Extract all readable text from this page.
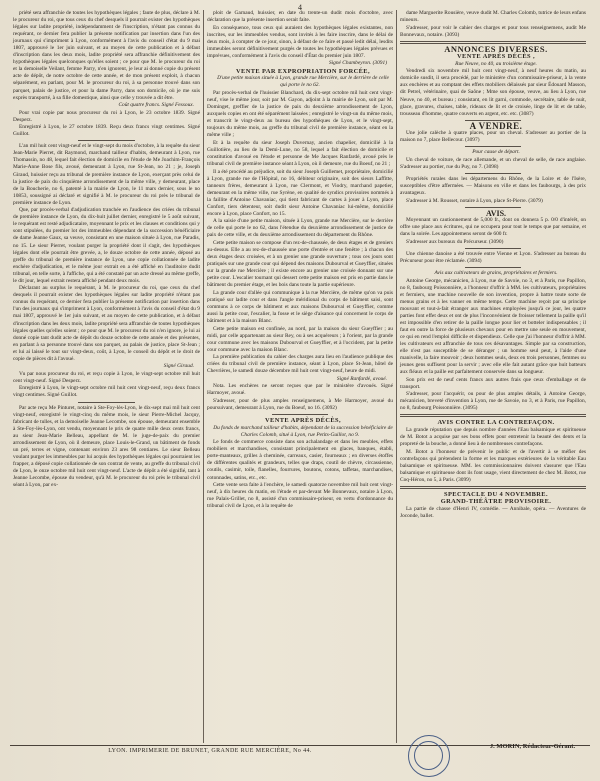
4

priété sera affranchie de toutes les hypothèques légales ; faute de plus, déclare à M. le procureur du roi, que tous ceux du chef desquels il pourrait exister des hypothèques légales sur ladite propriété, indépendamment de l'inscription, n'étant pas connus du requérant, ce dernier fera publier la présente notification par insertion dans l'un des journaux qui s'impriment à Lyon, conformément à l'avis du conseil d'état du 9 mai 1807, approuvé le 1er juin suivant, et au moyen de cette publication et à défaut d'inscription dans les deux mois, ladite propriété sera affranchie définitivement des hypothèques légales quelconques qu'elles soient ; ce pour que M. le procureur du roi et la demoiselle Veilant, femme Parry, n'en ignorent, je leur ai donné copie du présent acte de dépôt, de notre octobre de cette année, et de mon présent exploit, à chacun séparément, en parlant, pour M. le procureur du roi, à sa personne trouvé dans son parquet, palais de justice, et pour la dame Parry, dans son domicile, où je me suis exprès transporté, à sa fille domestique, ainsi que celle y trouvée a dit être.

Coût quatre francs. Signé Fessoux.

Pour vrai copie par nous procureur du roi à Lyon, le 23 octobre 1839. Signé Desperz.

Enregistré à Lyon, le 27 octobre 1839. Reçu deux francs vingt centimes. Signé Guillot.

L'an mil huit cent vingt-neuf et le vingt-sept du mois d'octobre, à la requête du sieur Jean-Marie Pierret, dit Raymond, marchand tailleur d'habits, demeurant à Lyon, rue Thomassin, no 48, lequel fait élection de domicile en l'étude de Me Joachim-François Marie-Anne Bose fils, avoué, demeurant à Lyon, rue St-Jean, no 21 ; je, Joseph Giraud, huissier reçu au tribunal de première instance de Lyon, exerçant près celui de la justice de paix du cinquième arrondissement de la même ville, y demeurant, place de la Boucherie, no 6, patenté à la mairie de Lyon, le 11 mars dernier, sous le no 10853, soussigné ai déclaré et signifié à M. le procureur du roi près le tribunal de première instance de Lyon.

Que, par procès-verbal d'adjudication tranchée en l'audience des criées du tribunal de première instance de Lyon, du dix-huit juillet dernier, enregistré le 5 août suivant, le requérant est resté adjudicataire, moyennant le prix et les clauses et conditions qui y sont stipulées, du premier lot des immeubles dépendant de la succession bénéficiaire de dame Jeanne Gaux, sa veuve, consistant en une maison située à Lyon, rue Paradis, no 15. Le sieur Pierret, voulant purger la propriété dont il s'agit, des hypothèques légales dont elle pourrait être grevée, a, le douze octobre de cette année, déposé au greffe du tribunal de première instance de Lyon, une copie collationnée de ladite enchère d'adjudication, et le même jour extrait en a été affiché en l'auditoire dudit tribunal, en telle sorte, à l'affiche, qui a été constaté par un acte dressé au même greffe, le dit jour, lequel extrait restera affiché pendant deux mois.

Déclarant au surplus le requérant, à M. le procureur du roi, que ceux du chef desquels il pourrait exister des hypothèques légales sur ladite propriété n'étant pas connus du requérant, ce dernier fera publier la présente notification par insertion dans l'un des journaux qui s'impriment à Lyon, conformément à l'avis du conseil d'état du 9 mai 1807, approuvé le 1er juin suivant, et au moyen de cette publication, et à défaut d'inscription dans les deux mois, ladite propriété sera affranchie de toutes hypothèques légales quelles qu'elles soient ; ce pour que M. le procureur du roi n'en ignore, je lui ai donné copie tant dudit acte de dépôt du douze octobre de cette année et des présentes, en parlant à sa personne trouvé dans son parquet, au palais de justice, place St-Jean ; et lui ai laissé le tout sur vingt-deux, coût, à Lyon, le conseil du dépôt et le droit de copie de pièces dit à l'avoué.

Signé Giraud.

Vu par nous procureur du roi, et reçu copie à Lyon, le vingt-sept octobre mil huit cent vingt-neuf. Signé Desperz.

Enregistré à Lyon, le vingt-sept octobre mil huit cent vingt-neuf, reçu deux francs vingt centimes. Signé Guillot.

Par acte reçu Me Pinturet, notaire à Ste-Foy-lès-Lyon, le dix-sept mai mil huit cent vingt-neuf, enregistré le vingt-cinq du même mois, le sieur Pierre-Michel Jacquy, fabricant de tulles, et la demoiselle Jeanne Lecombe, son épouse, demeurant ensemble à Ste-Foy-lès-Lyon, ont vendu, moyennant le prix de quatre mille deux cents francs, au sieur Jean-Marie Belleau, appellant de M. le juge-de-paix du premier arrondissement de Lyon, où il demeure, place Louis-le-Grand, un bâtiment de fonds un pré, terres et vigne, contenant environ 23 ares 98 centiares. Le sieur Belleau voulant purger les immeubles par lui acquis des hypothèques légales qui pourraient les frapper, a déposé copie collationnée de son contrat de vente, au greffe du tribunal civil de Lyon, le onze octobre mil huit cent vingt-neuf. L'acte de dépôt a été signifié, tant à Jeanne Lecombe, épouse du vendeur, qu'à M. le procureur du roi près le tribunal civil séant à Lyon, par ex-

ploit de Garnaud, huissier, en date du trente-un dudit mois d'octobre, avec déclaration que la présente insertion serait faite.

En conséquence, tous ceux qui auraient des hypothèques légales existantes, non inscrites, sur les immeubles vendus, sont invités à les faire inscrire, dans le délai de deux mois, à compter de ce jour, sinon, à défaut de ce faire et passé ledit délai, lesdits immeubles seront définitivement purgés de toutes les hypothèques légales prévues et imprévues, conformément à l'avis du conseil d'État du premier juin 1807.

Signé Chambeyron. (3091)

VENTE PAR EXPROPRIATION FORCÉE,

D'une petite maison située à Lyon, grande rue Mercière, sur le derrière de celle qui porte le no 62.

Par procès-verbal de l'huissier Blanchard, du dix-sept octobre mil huit cent vingt-neuf, vise le même jour, soit par M. Gayon, adjoint à la mairie de Lyon, soit par M. Dominget, greffier de la justice de paix du deuxième arrondissement de Lyon, auxquels copies en ont été séparément laissées ; enregistré le vingt-un du même mois, et transcrit le vingt-deux au bureau des hypothèques de Lyon, et le vingt-sept, toujours du même mois, au greffe du tribunal civil de première instance, séant en la même ville ;

Et à la requête du sieur Joseph Duvernay, ancien chapelier, domicilié à la Guillotière, au lieu de la Demi-Lune, no 58, lequel a fait élection de domicile et constitution d'avoué en l'étude et personne de Me Jacques Ranfardé, avoué près le tribunal civil de première instance séant à Lyon, où il demeure, rue du Boeuf, no 21 ;

Il a été procédé au préjudice, soit du sieur Joseph Guillemet, propriétaire, domicilié à Lyon, grande rue de l'Hôpital, no 16, débiteur originaire, soit des sieurs Laffitte, tanneurs frères, demeurant à Lyon, rue Clermont, et Viodry, marchand papetier, demeurant en la même ville, rue Syrène, en qualité de syndics provisoires nommés à la faillite d'Antoine Chavaniac, qui tient fabricant de cartes à jouer à Lyon, place Confort, tiers détenteur, soit dudit sieur Antoine Chavaniac lui-même, domicilié encore à Lyon, place Confort, no 15.

A la saisie d'une petite maison, située à Lyon, grande rue Mercière, sur le derrière de celle qui porte le no 62, dans l'étendue du deuxième arrondissement de justice de paix de cette ville, et du deuxième arrondissement du département du Rhône.

Cette petite maison se compose d'un rez-de-chaussée, de deux étages et de greniers au-dessus. Elle a au rez-de-chaussée une porte d'entrée et une fenêtre ; à chacun des deux étages deux croisées, et à un grenier une grande ouverture ; tous ces jours sont pratiqués sur une grande cour qui dépend des maisons Dubourval et Gueyffier, situées sur la grande rue Mercière ; il existe encore au grenier une croisée donnant sur une petite cour. L'escalier tournant qui dessert cette petite maison est pris en partie dans le bâtiment du premier étage, et les bois dans toute la partie supérieure.

La grande cour d'allée qui communique à la rue Mercière, de même qu'on va puis pratiqué sur ladite cour et dans l'angle méridional du corps de bâtiment saisi, sont communs à ce corps de bâtiment et aux maisons Dubourval et Gueyffier, comme aussi la petite cour, l'escalier, la fosse et le siège d'aisance qui concernent le corps de bâtiment et à la maison Blanc.

Cette petite maison est confinée, au nord, par la maison du sieur Gueyffier ; au midi, par celle appartenant au sieur Rey, ou à ses acquéreurs ; à l'orient, par la grande cour commune avec les maisons Dubourval et Gueyffier, et à l'occident, par la petite cour commune avec la maison Blanc.

La première publication du cahier des charges aura lieu en l'audience publique des criées du tribunal civil de première instance, séant à Lyon, place St-Jean, hôtel de Chevrières, le samedi douze décembre mil huit cent vingt-neuf, heure de midi.

Signé Ranfardé, avoué.

Nota. Les enchères ne seront reçues que par le ministère d'avoués. Signé Harmoyer, avoué.

S'adresser, pour de plus amples renseignemens, à Me Harmoyer, avoué du poursuivant, demeurant à Lyon, rue du Boeuf, no 16. (3092)

VENTE APRÈS DÉCÈS,

Du fonds de marchand tailleur d'habits, dépendant de la succession bénéficiaire de Charles Colomb, situé à Lyon, rue Petits-Guillot, no 9.

Le fonds de commerce consiste dans son achalandage et dans les meubles, effets mobiliers et marchandises, consistant principalement en glaces, banques, établi, porte-manteaux, grilles à cheminée, carreaux, casier, fourneaux ; en diverses étoffes de différentes qualités et grandeurs, telles que draps, coutil de chèvre, circassienne, coutils, casimir, toile, flanelles, fourrures, boutons, cotons, taffetas, marchandises, cotonnades, satins, etc., etc.

Cette vente sera faite à l'enchère, le samedi quatorze novembre mil huit cent vingt-neuf, à dix heures du matin, en l'étude et par-devant Me Bonnevaux, notaire à Lyon, rue Palais-Grillet, no 8, assisté d'un commissaire-priseur, en vertu d'ordonnance du tribunal civil de Lyon, et à la requête de

dame Marguerite Rousière, veuve dudit M. Charles Colomb, tutrice de leurs enfans mineurs.

S'adresser, pour voir le cahier des charges et pour tous renseignemens, audit Me Bonnevaux, notaire. (3093)

ANNONCES DIVERSES.

VENTE APRÈS DÉCÈS ,

Rue Neuve, no 40, au troisième étage.

Vendredi six novembre mil huit cent vingt-neuf, à neuf heures du matin, au domicile susdit, il sera procédé, par le ministère d'un commissaire-priseur, à la vente aux enchères et au comptant des effets mobiliers délaissés par sieur Édouard Masson, dit Petrel, vétérinaire, quai de Saône ; Mme son épouse, veuve, au lieu à Lyon, rue Neuve, no 40, et bureau ; consistant, en lit garni, commode, secrétaire, table de nuit, glace, gravures, chaises, table, rideaux de lit et de croisée, linge de lit et de table, trousseau d'homme, quatre couverts en argent, etc. etc. (3087)

A VENDRE.

Une jolie calèche à quatre places, pour un cheval. S'adresser au portier de la maison no 7, place Bellecour. (3097)

Pour cause de départ.

Un cheval de voiture, de race allemande, et un cheval de selle, de race anglaise. S'adresser au portier, rue du Puy, no 7. (3098)

Propriétés rurales dans les départemens du Rhône, de la Loire et de l'Isère, susceptibles d'être affermées. — Maisons en ville et dans les faubourgs, à des prix avantageux.

S'adresser à M. Rousset, notaire à Lyon, place St-Pierre. (3079)

AVIS.

Moyennant un cautionnement de 5,000 fr., dont on donnera 5 p. 0/0 d'intérêt, on offre une place aux écritures, qui ne occupera pour tout le temps que par semaine, et dans la soirée. Les appointemens seront de 600 fr.

S'adresser aux bureaux du Précurseur. (3090)

Une chienne danoise a été trouvée entre Vienne et Lyon. S'adresser au bureau du Précurseur pour être réclamée. (3094)

Avis aux cultivateurs de grains, propriétaires et fermiers.

Antoine George, mécanicien, à Lyon, rue de Savoie, no 3, et à Paris, rue Papillon, no 8, faubourg Poissonnière, a l'honneur d'offrir à MM. les cultivateurs, propriétaires et fermiers, une machine nouvelle de son invention, propre à battre toute sorte de menus grains et à les vanner en même temps. Cette machine reçoit par sa principe mouvant et tout-à-fait étranger aux machines employées jusqu'à ce jour, les quatre parties font effet deux et ont de plus l'inconvénient de froisser tellement la paille qu'il est impossible d'en retirer de la paille longue pour lier et botteler indispensables ; il faut en outre la force de plusieurs chevaux pour en mettre une seule en mouvement, ce qui en rend l'emploi difficile et dispendieux. Celle que j'ai l'honneur d'offrir à MM. les cultivateurs est affranchie de tous ces désavantages. Simple par sa construction, elle n'est pas susceptible de se déranger ; un homme seul peut, à l'aide d'une manivelle, la faire mouvoir ; deux hommes seuls, deux en trois personnes, femmes ou jeunes gens suffisent pour la servir ; avec elle elle fait autant grâce que huit batteurs aux fléaux et la paille est parfaitement conservée dans sa longueur.

Son prix est de neuf cents francs aux autres frais que ceux d'emballage et de transport.

S'adresser, pour l'acquérir, ou pour de plus amples détails, à Antoine George, mécanicien, breveté d'invention à Lyon, rue de Savoie, no 3, et à Paris, rue Papillon, no 8, faubourg Poissonnière. (3095)

AVIS CONTRE LA CONTREFAÇON.

La grande réputation que depuis nombre d'années l'Eau balsamique et spiritueuse de M. Botot a acquise par ses bons effets pour entretenir la beauté des dents et la propreté de la bouche, a donné lieu à de nombreuses contrefaçons.

M. Botot a l'honneur de prévenir le public et de l'avertir à se méfier des contrefaçons qui prétendent la forme et les marques extérieures de la véritable Eau balsamique et spiritueuse. MM. les commissionnaires doivent s'assurer que l'Eau balsamique et spiritueuse dont ils font usage, vient directement de chez M. Botot, rue Coq-Héron, no 5, à Paris. (3099)

SPECTACLE DU 4 NOVEMBRE.

GRAND-THÉÂTRE PROVISOIRE.

La partie de chasse d'Henri IV, comédie. — Annibale, opéra. — Aventures de Joconde, ballet.

LYON. IMPRIMERIE DE BRUNET, GRANDE RUE MERCIÈRE, No 44.
J. MORIN, Rédacteur-Gérant.
